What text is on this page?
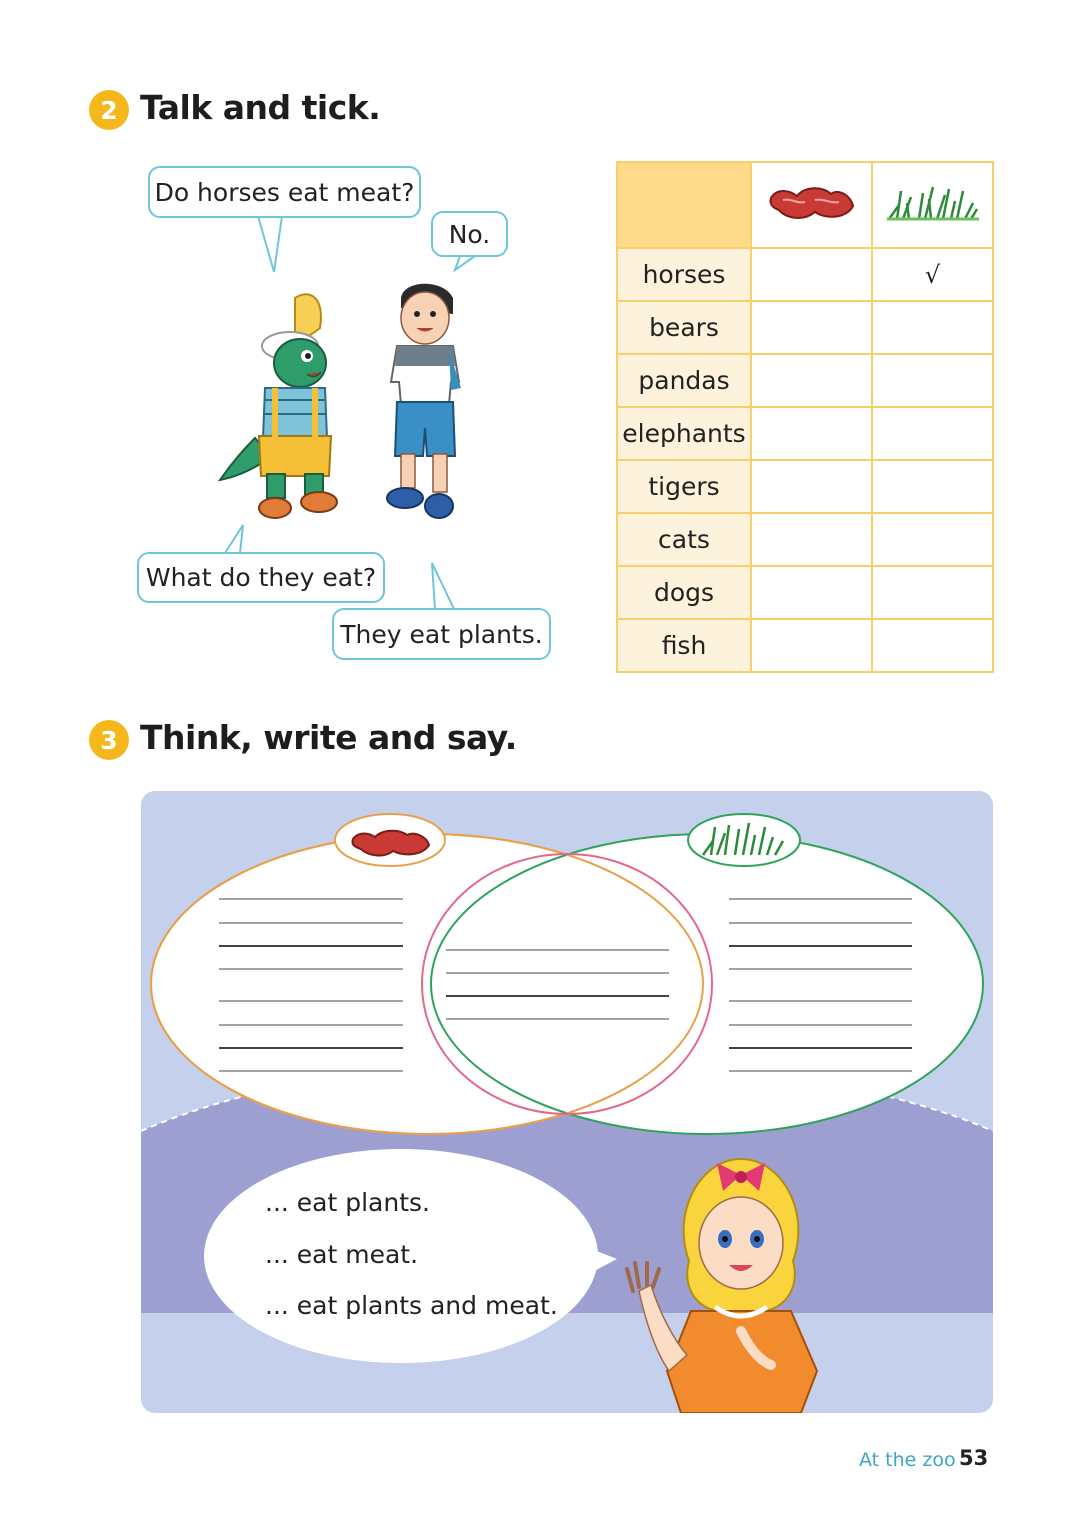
2 Talk and tick.
Do horses eat meat?
No.
What do they eat?
They eat plants.

horses		√
bears		
pandas		
elephants		
tigers		
cats		
dogs		
fish		
3 Think, write and say.
... eat plants.
... eat meat.
... eat plants and meat.
At the zoo 53
